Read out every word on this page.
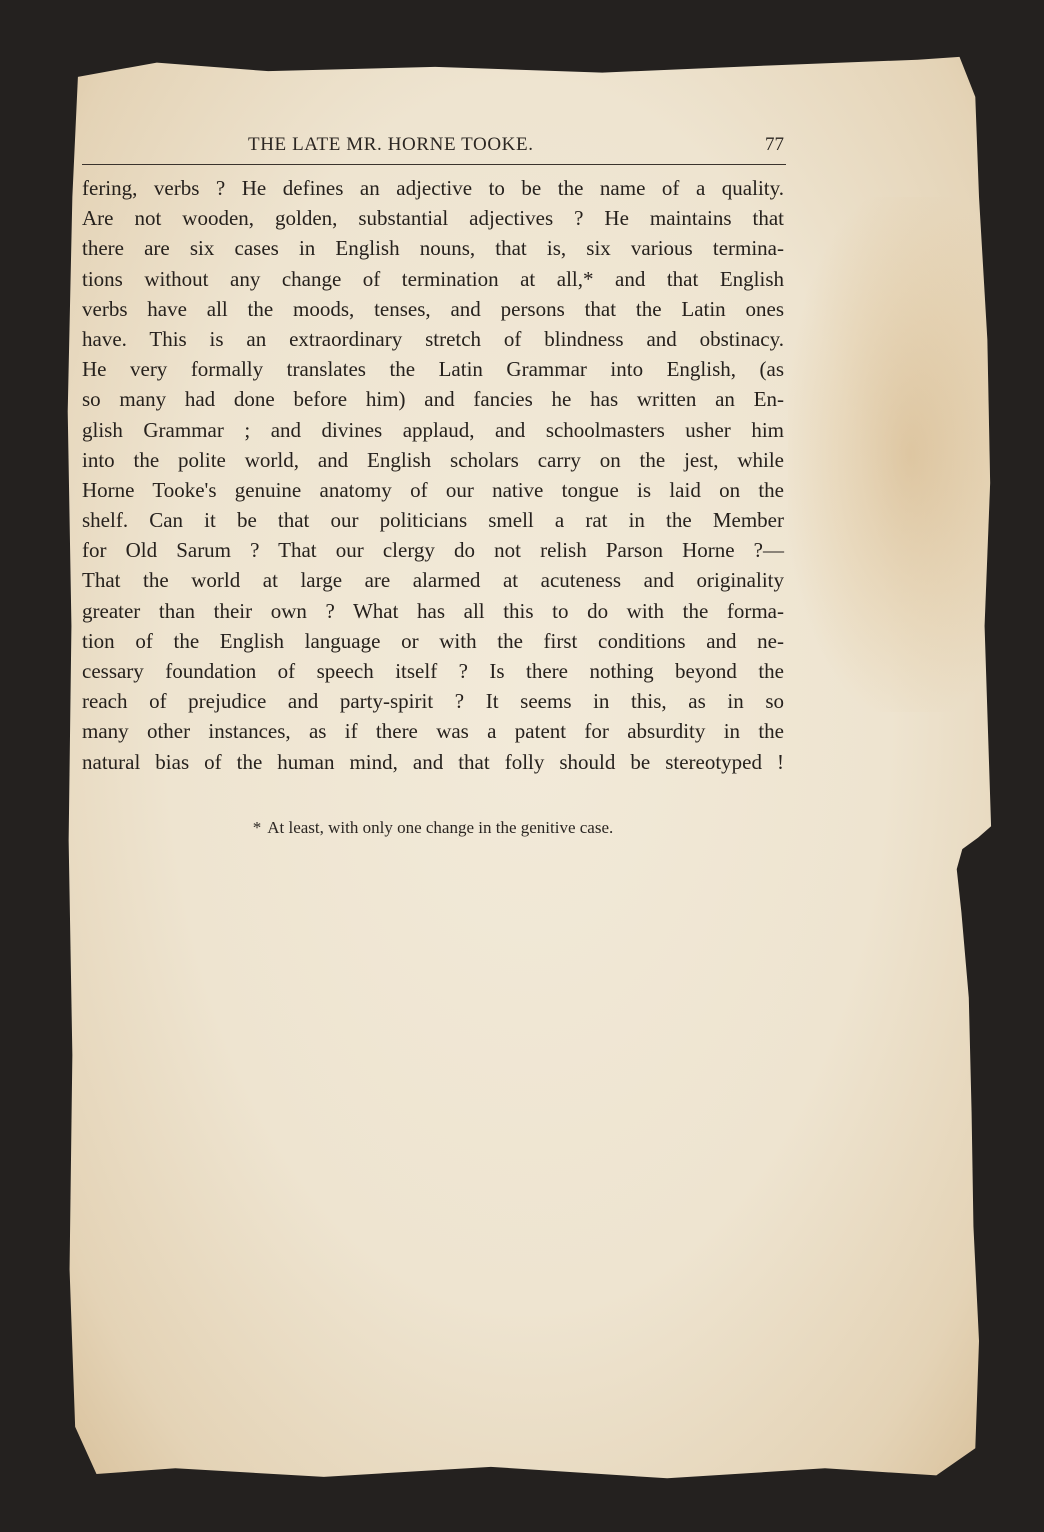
THE LATE MR. HORNE TOOKE.	77
fering, verbs ? He defines an adjective to be the name of a quality.
Are not wooden, golden, substantial adjectives ? He maintains that
there are six cases in English nouns, that is, six various termina-
tions without any change of termination at all,* and that English
verbs have all the moods, tenses, and persons that the Latin ones
have. This is an extraordinary stretch of blindness and obstinacy.
He very formally translates the Latin Grammar into English, (as
so many had done before him) and fancies he has written an En-
glish Grammar ; and divines applaud, and schoolmasters usher him
into the polite world, and English scholars carry on the jest, while
Horne Tooke's genuine anatomy of our native tongue is laid on the
shelf. Can it be that our politicians smell a rat in the Member
for Old Sarum ? That our clergy do not relish Parson Horne ?—
That the world at large are alarmed at acuteness and originality
greater than their own ? What has all this to do with the forma-
tion of the English language or with the first conditions and ne-
cessary foundation of speech itself ? Is there nothing beyond the
reach of prejudice and party-spirit ? It seems in this, as in so
many other instances, as if there was a patent for absurdity in the
natural bias of the human mind, and that folly should be stereotyped !
* At least, with only one change in the genitive case.
